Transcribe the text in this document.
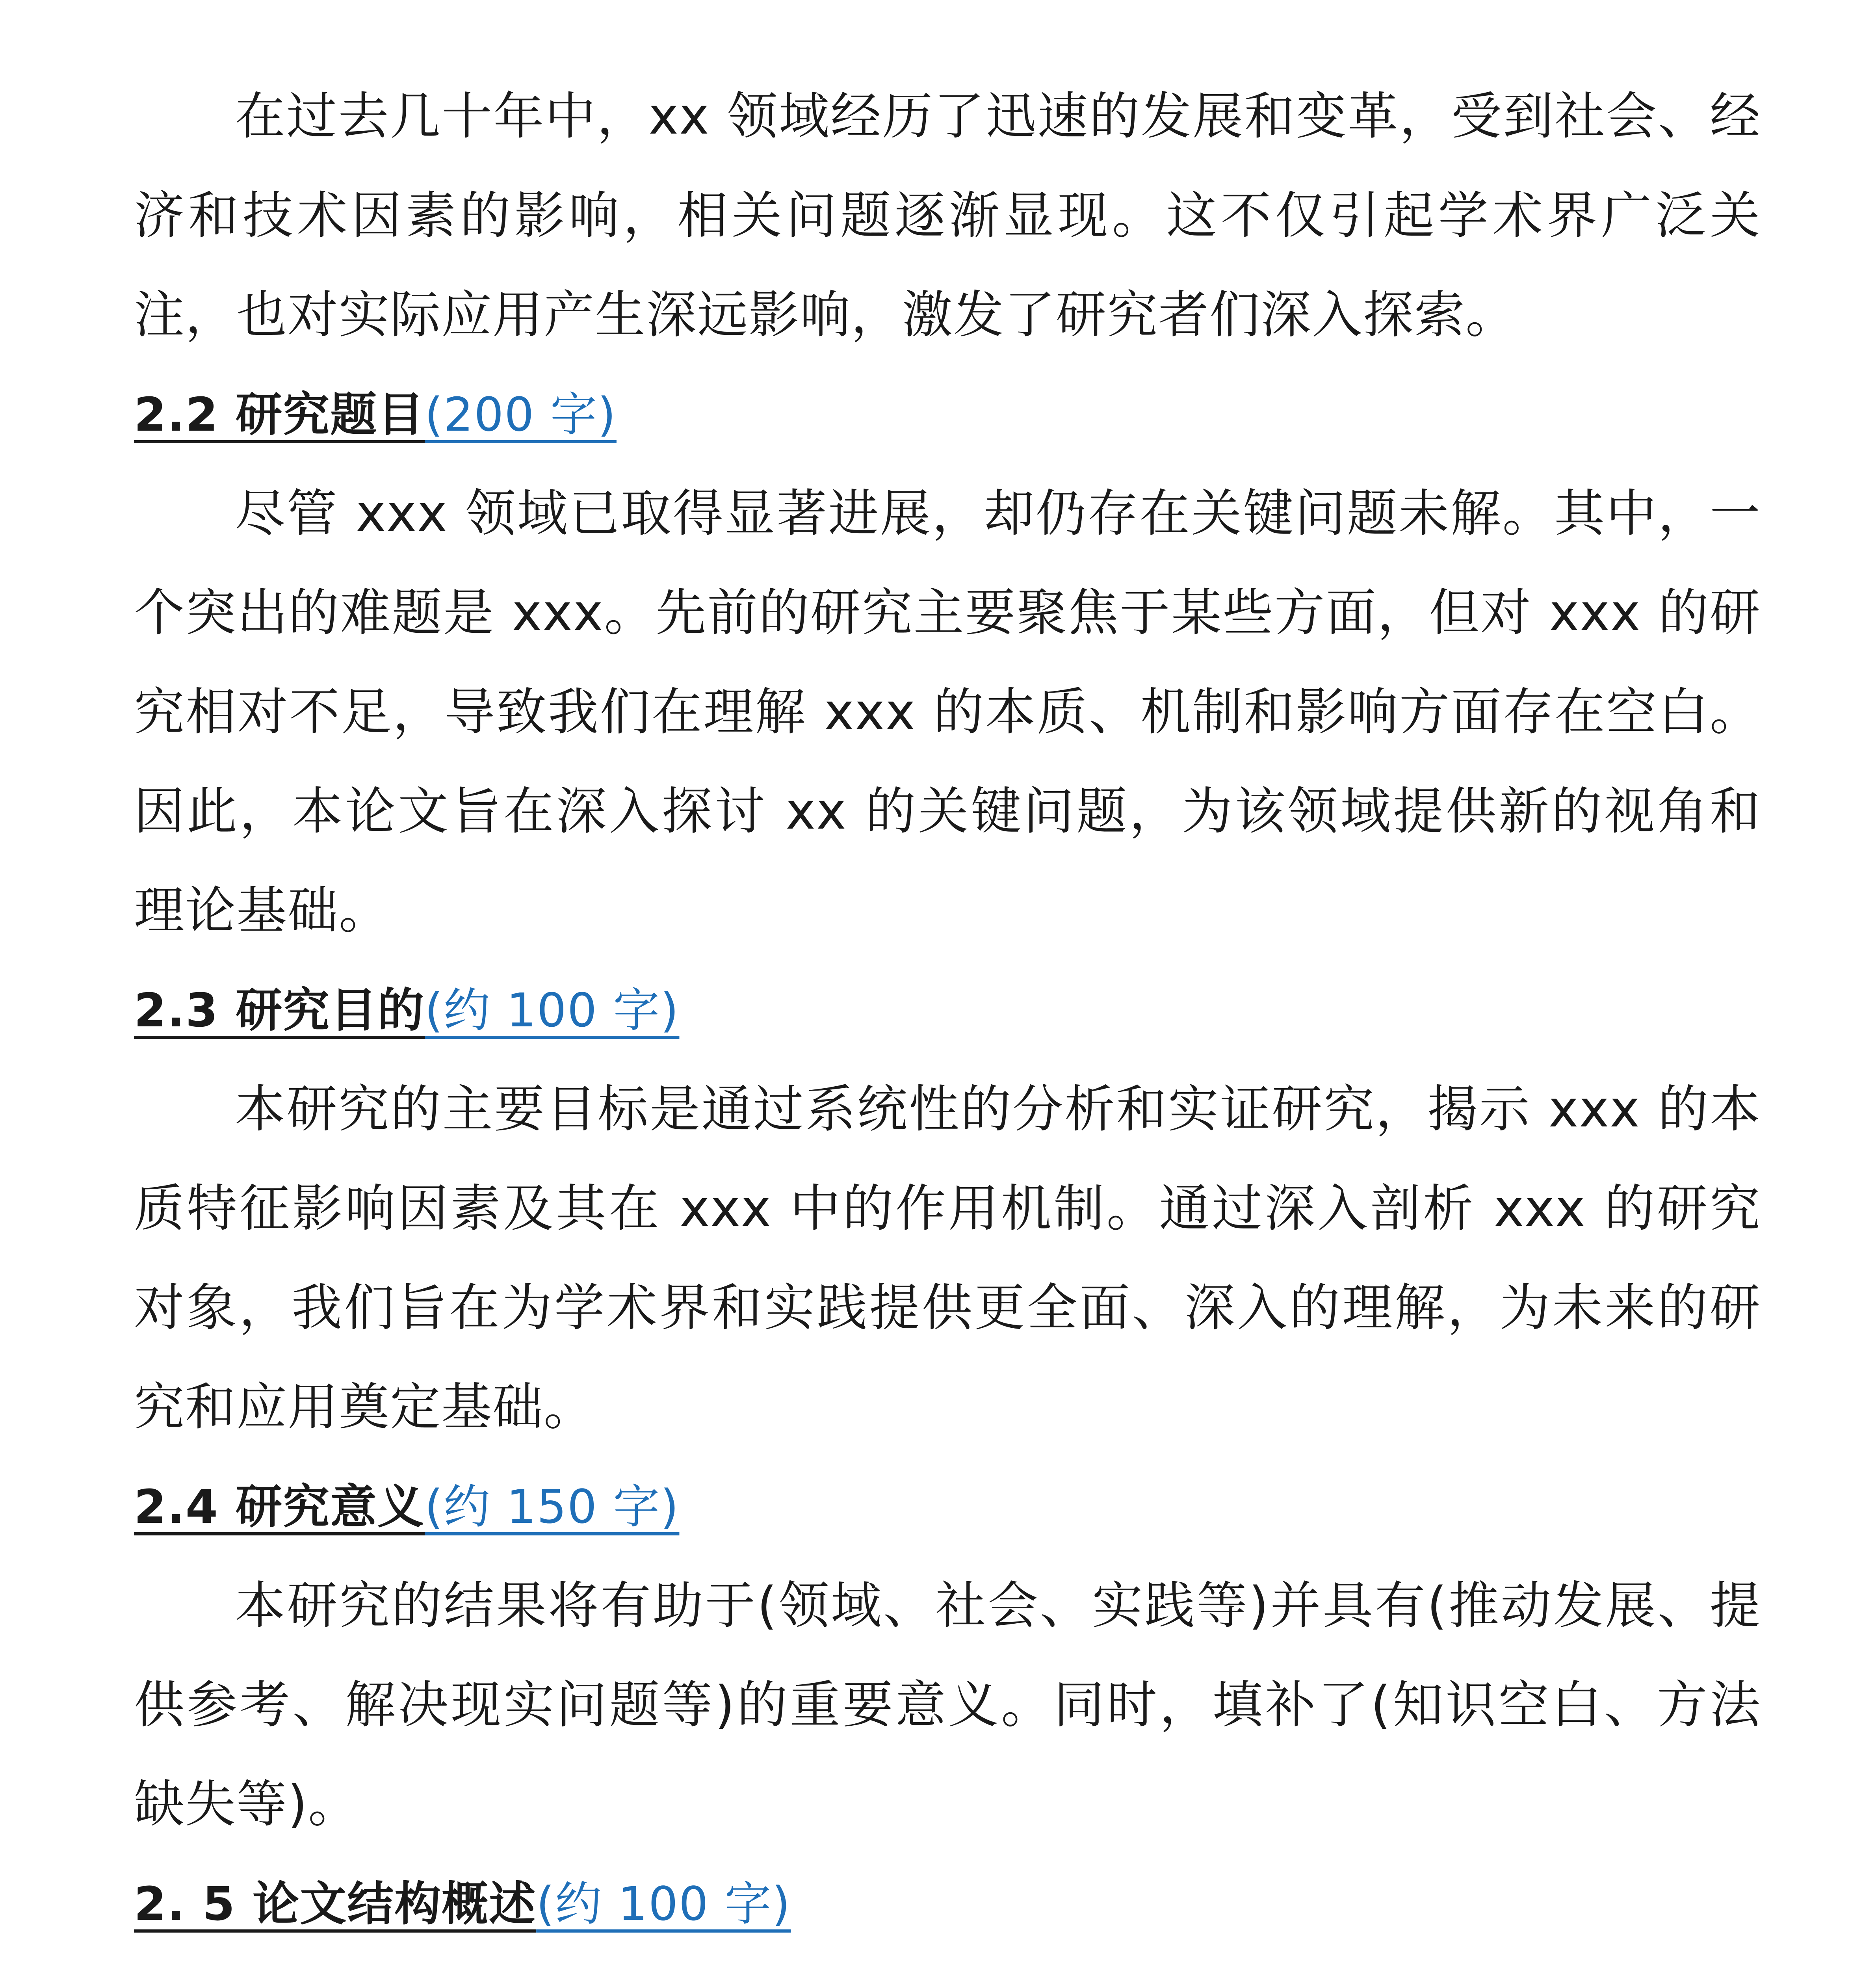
在过去几十年中，xx 领域经历了迅速的发展和变革，受到社会、经济和技术因素的影响，相关问题逐渐显现。这不仅引起学术界广泛关注，也对实际应用产生深远影响，激发了研究者们深入探索。

2.2 研究题目(200 字)

尽管 xxx 领域已取得显著进展，却仍存在关键问题未解。其中，一个突出的难题是 xxx。先前的研究主要聚焦于某些方面，但对 xxx 的研究相对不足，导致我们在理解 xxx 的本质、机制和影响方面存在空白。因此，本论文旨在深入探讨 xx 的关键问题，为该领域提供新的视角和理论基础。

2.3 研究目的(约 100 字)

本研究的主要目标是通过系统性的分析和实证研究，揭示 xxx 的本质特征影响因素及其在 xxx 中的作用机制。通过深入剖析 xxx 的研究对象，我们旨在为学术界和实践提供更全面、深入的理解，为未来的研究和应用奠定基础。

2.4 研究意义(约 150 字)

本研究的结果将有助于(领域、社会、实践等)并具有(推动发展、提供参考、解决现实问题等)的重要意义。同时，填补了(知识空白、方法缺失等)。

2. 5 论文结构概述(约 100 字)
